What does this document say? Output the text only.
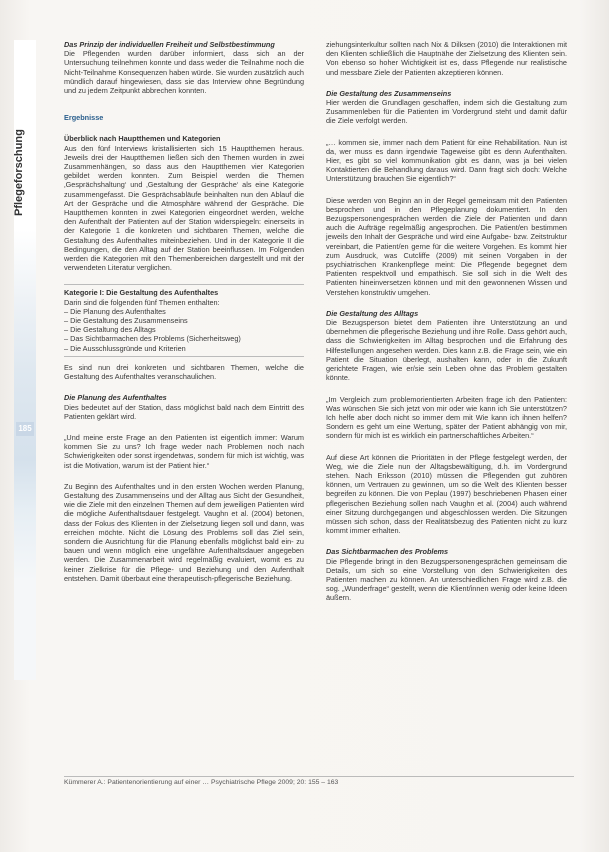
Pflegeforschung
185

Das Prinzip der individuellen Freiheit und Selbstbestimmung

Die Pflegenden wurden darüber informiert, dass sich an der Untersuchung teilnehmen konnte und dass weder die Teilnahme noch die Nicht-Teilnahme Konsequenzen haben würde. Sie wurden zusätzlich auch mündlich darauf hingewiesen, dass sie das Interview ohne Begründung und zu jedem Zeitpunkt abbrechen konnten.

Ergebnisse

Überblick nach Hauptthemen und Kategorien

Aus den fünf Interviews kristallisierten sich 15 Hauptthemen heraus. Jeweils drei der Hauptthemen ließen sich den Themen wurden in zwei Zusammenhängen, so dass aus den Hauptthemen vier Kategorien gebildet werden konnten. Zum Beispiel werden die Themen ‚Gesprächshaltung‘ und ‚Gestaltung der Gespräche‘ als eine Kategorie zusammengefasst. Die Gesprächsabläufe beinhalten nun den Ablauf die Art der Gespräche und die Atmosphäre während der Gespräche. Die Hauptthemen konnten in zwei Kategorien eingeordnet werden, welche den Aufenthalt der Patienten auf der Station widerspiegeln: einerseits in der Kategorie 1 die konkreten und sichtbaren Themen, welche die Gestaltung des Aufenthaltes miteinbeziehen. Und in der Kategorie II die Bedingungen, die den Alltag auf der Station beeinflussen. Im Folgenden werden die Kategorien mit den Themenbereichen dargestellt und mit der verwendeten Literatur verglichen.

Kategorie I: Die Gestaltung des Aufenthaltes

Darin sind die folgenden fünf Themen enthalten:

– Die Planung des Aufenthaltes
– Die Gestaltung des Zusammenseins
– Die Gestaltung des Alltags
– Das Sichtbarmachen des Problems (Sicherheitsweg)
– Die Ausschlussgründe und Kriterien

Es sind nun drei konkreten und sichtbaren Themen, welche die Gestaltung des Aufenthaltes veranschaulichen.

Die Planung des Aufenthaltes

Dies bedeutet auf der Station, dass möglichst bald nach dem Eintritt des Patienten geklärt wird.

„Und meine erste Frage an den Patienten ist eigentlich immer: Warum kommen Sie zu uns? Ich frage weder nach Problemen noch nach Schwierigkeiten oder sonst irgendetwas, sondern für mich ist wichtig, was ist die Motivation, warum ist der Patient hier.“

Zu Beginn des Aufenthaltes und in den ersten Wochen werden Planung, Gestaltung des Zusammenseins und der Alltag aus Sicht der Gesundheit, wie die Ziele mit den einzelnen Themen auf dem jeweiligen Patienten wird die mögliche Aufenthaltsdauer festgelegt. Vaughn et al. (2004) betonen, dass der Fokus des Klienten in der Zielsetzung liegen soll und dann, was erreichen möchte. Nicht die Lösung des Problems soll das Ziel sein, sondern die Ausrichtung für die Planung ebenfalls möglichst bald ein- zu bauen und wenn möglich eine ungefähre Aufenthaltsdauer angegeben werden. Die Zusammenarbeit wird regelmäßig evaluiert, womit es zu keiner Zielkrise für die Pflege- und Beziehung und den Aufenthalt entstehen. Damit überbaut eine therapeutisch-pflegerische Beziehung.

ziehungsinterkultur sollten nach Nix & Dilksen (2010) die Interaktionen mit den Klienten schließlich die Hauptnähe der Zielsetzung des Klienten sein. Von ebenso so hoher Wichtigkeit ist es, dass Pflegende nur realistische und messbare Ziele der Patienten akzeptieren können.

Die Gestaltung des Zusammenseins

Hier werden die Grundlagen geschaffen, indem sich die Gestaltung zum Zusammenleben für die Patienten im Vordergrund steht und damit dafür die Ziele verfolgt werden.

„… kommen sie, immer nach dem Patient für eine Rehabilitation. Nun ist da, wer muss es dann irgendwie Tageweise gibt es denn Aufenthalten. Hier, es gibt so viel kommunikation gibt es dann, was ja bei vielen Kontaktierten die Behandlung daraus wird. Dann fragt sich doch: Welche Unterstützung brauchen Sie eigentlich?“

Diese werden von Beginn an in der Regel gemeinsam mit den Patienten besprochen und in den Pflegeplanung dokumentiert. In den Bezugspersonengesprächen werden die Ziele der Patienten und dann auch die Aufträge regelmäßig angesprochen. Die Patient/en bestimmen jeweils den Inhalt der Gespräche und wird eine Aufgabe- bzw. Zeitstruktur vereinbart, die Patient/en gerne für die weitere Vorgehen. Es kommt hier zum Ausdruck, was Cutcliffe (2009) mit seinen Vorgaben in der psychiatrischen Krankenpflege meint: Die Pflegende begegnet dem Patienten respektvoll und empathisch. Sie soll sich in die Welt des Patienten hineinversetzen können und mit den gewonnenen Wissen und Verstehen konstruktiv umgehen.

Die Gestaltung des Alltags

Die Bezugsperson bietet dem Patienten ihre Unterstützung an und übernehmen die pflegerische Beziehung und ihre Rolle. Dass gehört auch, dass die Schwierigkeiten im Alltag besprochen und die Erfahrung des Hilfestellungen angesehen werden. Dies kann z.B. die Frage sein, wie ein Patient die Situation überlegt, aushalten kann, oder in die Zukunft gerichtete Fragen, wie er/sie sein Leben ohne das Problem gestalten könnte.

„Im Vergleich zum problemorientierten Arbeiten frage ich den Patienten: Was wünschen Sie sich jetzt von mir oder wie kann ich Sie unterstützen? Ich helfe aber doch nicht so immer dem mit Wie kann ich ihnen helfen? Sondern es geht um eine Wertung, später der Patient abhängig von mir, sondern für mich ist es wirklich ein partnerschaftliches Arbeiten.“

Auf diese Art können die Prioritäten in der Pflege festgelegt werden, der Weg, wie die Ziele nun der Alltagsbewältigung, d.h. im Vordergrund stehen. Nach Eriksson (2010) müssen die Pflegenden gut zuhören können, um Vertrauen zu gewinnen, um so die Welt des Klienten besser begreifen zu können. Die von Peplau (1997) beschriebenen Phasen einer pflegerischen Beziehung sollen nach Vaughn et al. (2004) auch während einer Sitzung durchgegangen und abgeschlossen werden. Die Sitzungen müssen sich schon, dass der Realitätsbezug des Patienten nicht zu kurz kommt immer erhalten.

Das Sichtbarmachen des Problems

Die Pflegende bringt in den Bezugspersonengesprächen gemeinsam die Details, um sich so eine Vorstellung von den Schwierigkeiten des Patienten machen zu können. An unterschiedlichen Frage wird z.B. die sog. „Wunderfrage“ gestellt, wenn die Klient/innen wenig oder keine Ideen äußern.

Kümmerer A.: Patientenorientierung auf einer … Psychiatrische Pflege 2009; 20: 155 – 163
